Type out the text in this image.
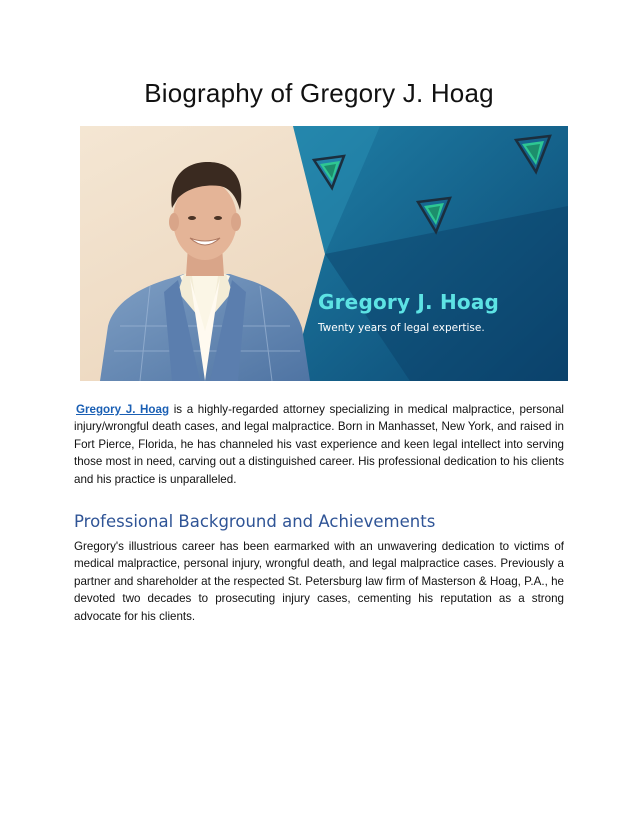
Biography of Gregory J. Hoag
Gregory J. Hoag
Twenty years of legal expertise.

Gregory J. Hoag is a highly-regarded attorney specializing in medical malpractice, personal injury/wrongful death cases, and legal malpractice. Born in Manhasset, New York, and raised in Fort Pierce, Florida, he has channeled his vast experience and keen legal intellect into serving those most in need, carving out a distinguished career. His professional dedication to his clients and his practice is unparalleled.

Professional Background and Achievements

Gregory's illustrious career has been earmarked with an unwavering dedication to victims of medical malpractice, personal injury, wrongful death, and legal malpractice cases. Previously a partner and shareholder at the respected St. Petersburg law firm of Masterson & Hoag, P.A., he devoted two decades to prosecuting injury cases, cementing his reputation as a strong advocate for his clients.
